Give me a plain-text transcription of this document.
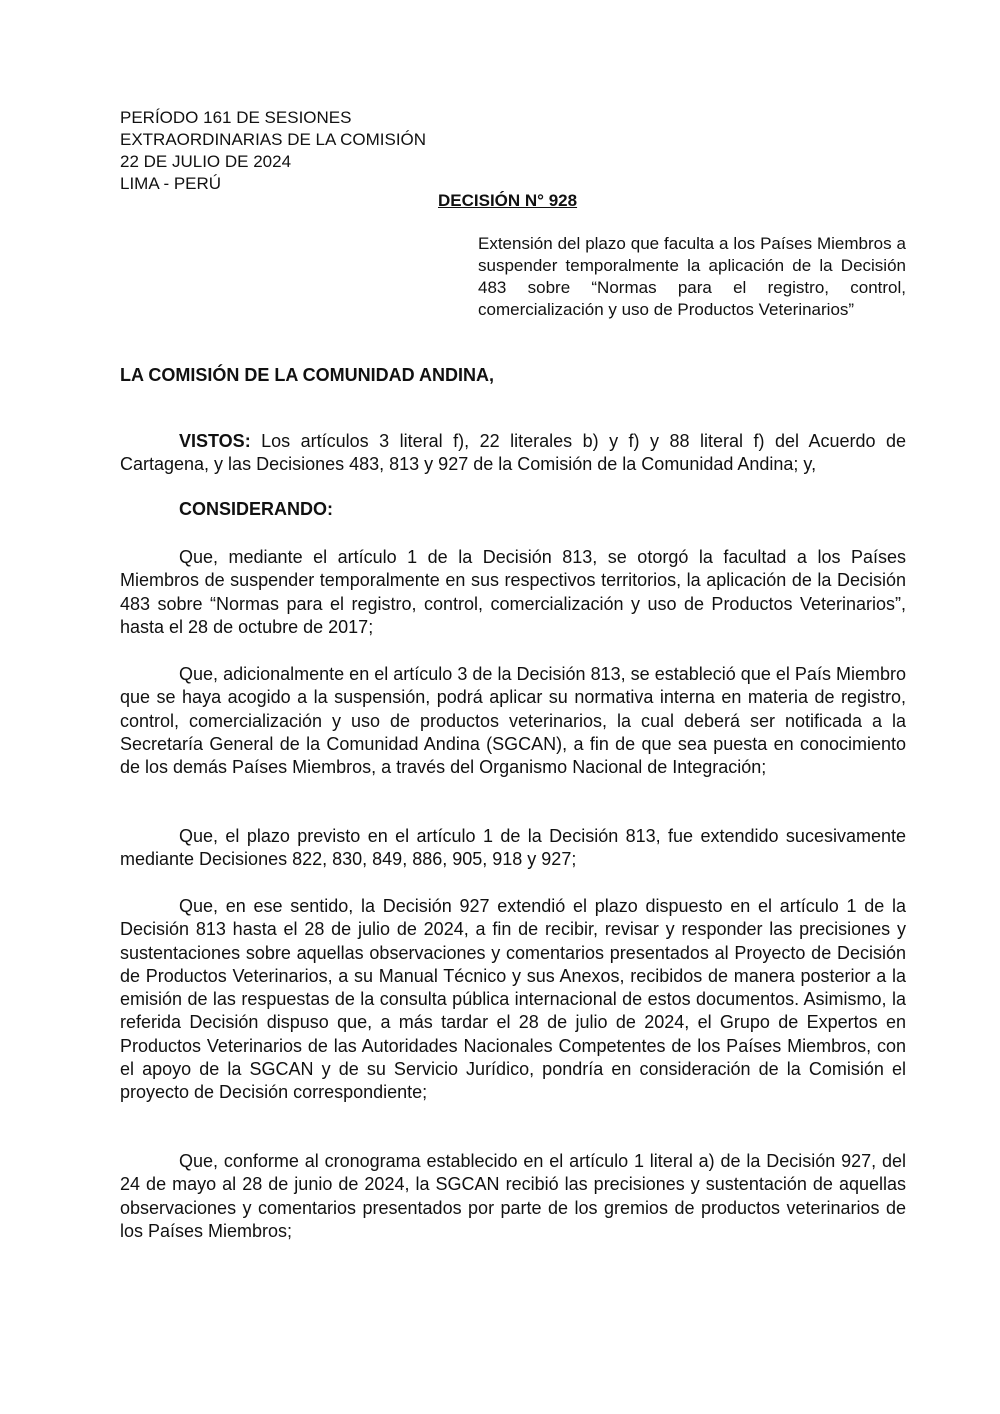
PERÍODO 161 DE SESIONES
EXTRAORDINARIAS DE LA COMISIÓN
22 DE JULIO DE 2024
LIMA - PERÚ
DECISIÓN N° 928
Extensión del plazo que faculta a los Países Miembros a suspender temporalmente la aplicación de la Decisión 483 sobre “Normas para el registro, control, comercialización y uso de Productos Veterinarios”
LA COMISIÓN DE LA COMUNIDAD ANDINA,
VISTOS: Los artículos 3 literal f), 22 literales b) y f) y 88 literal f) del Acuerdo de Cartagena, y las Decisiones 483, 813 y 927 de la Comisión de la Comunidad Andina; y,
CONSIDERANDO:
Que, mediante el artículo 1 de la Decisión 813, se otorgó la facultad a los Países Miembros de suspender temporalmente en sus respectivos territorios, la aplicación de la Decisión 483 sobre “Normas para el registro, control, comercialización y uso de Productos Veterinarios”, hasta el 28 de octubre de 2017;
Que, adicionalmente en el artículo 3 de la Decisión 813, se estableció que el País Miembro que se haya acogido a la suspensión, podrá aplicar su normativa interna en materia de registro, control, comercialización y uso de productos veterinarios, la cual deberá ser notificada a la Secretaría General de la Comunidad Andina (SGCAN), a fin de que sea puesta en conocimiento de los demás Países Miembros, a través del Organismo Nacional de Integración;
Que, el plazo previsto en el artículo 1 de la Decisión 813, fue extendido sucesivamente mediante Decisiones 822, 830, 849, 886, 905, 918 y 927;
Que, en ese sentido, la Decisión 927 extendió el plazo dispuesto en el artículo 1 de la Decisión 813 hasta el 28 de julio de 2024, a fin de recibir, revisar y responder las precisiones y sustentaciones sobre aquellas observaciones y comentarios presentados al Proyecto de Decisión de Productos Veterinarios, a su Manual Técnico y sus Anexos, recibidos de manera posterior a la emisión de las respuestas de la consulta pública internacional de estos documentos. Asimismo, la referida Decisión dispuso que, a más tardar el 28 de julio de 2024, el Grupo de Expertos en Productos Veterinarios de las Autoridades Nacionales Competentes de los Países Miembros, con el apoyo de la SGCAN y de su Servicio Jurídico, pondría en consideración de la Comisión el proyecto de Decisión correspondiente;
Que, conforme al cronograma establecido en el artículo 1 literal a) de la Decisión 927, del 24 de mayo al 28 de junio de 2024, la SGCAN recibió las precisiones y sustentación de aquellas observaciones y comentarios presentados por parte de los gremios de productos veterinarios de los Países Miembros;
